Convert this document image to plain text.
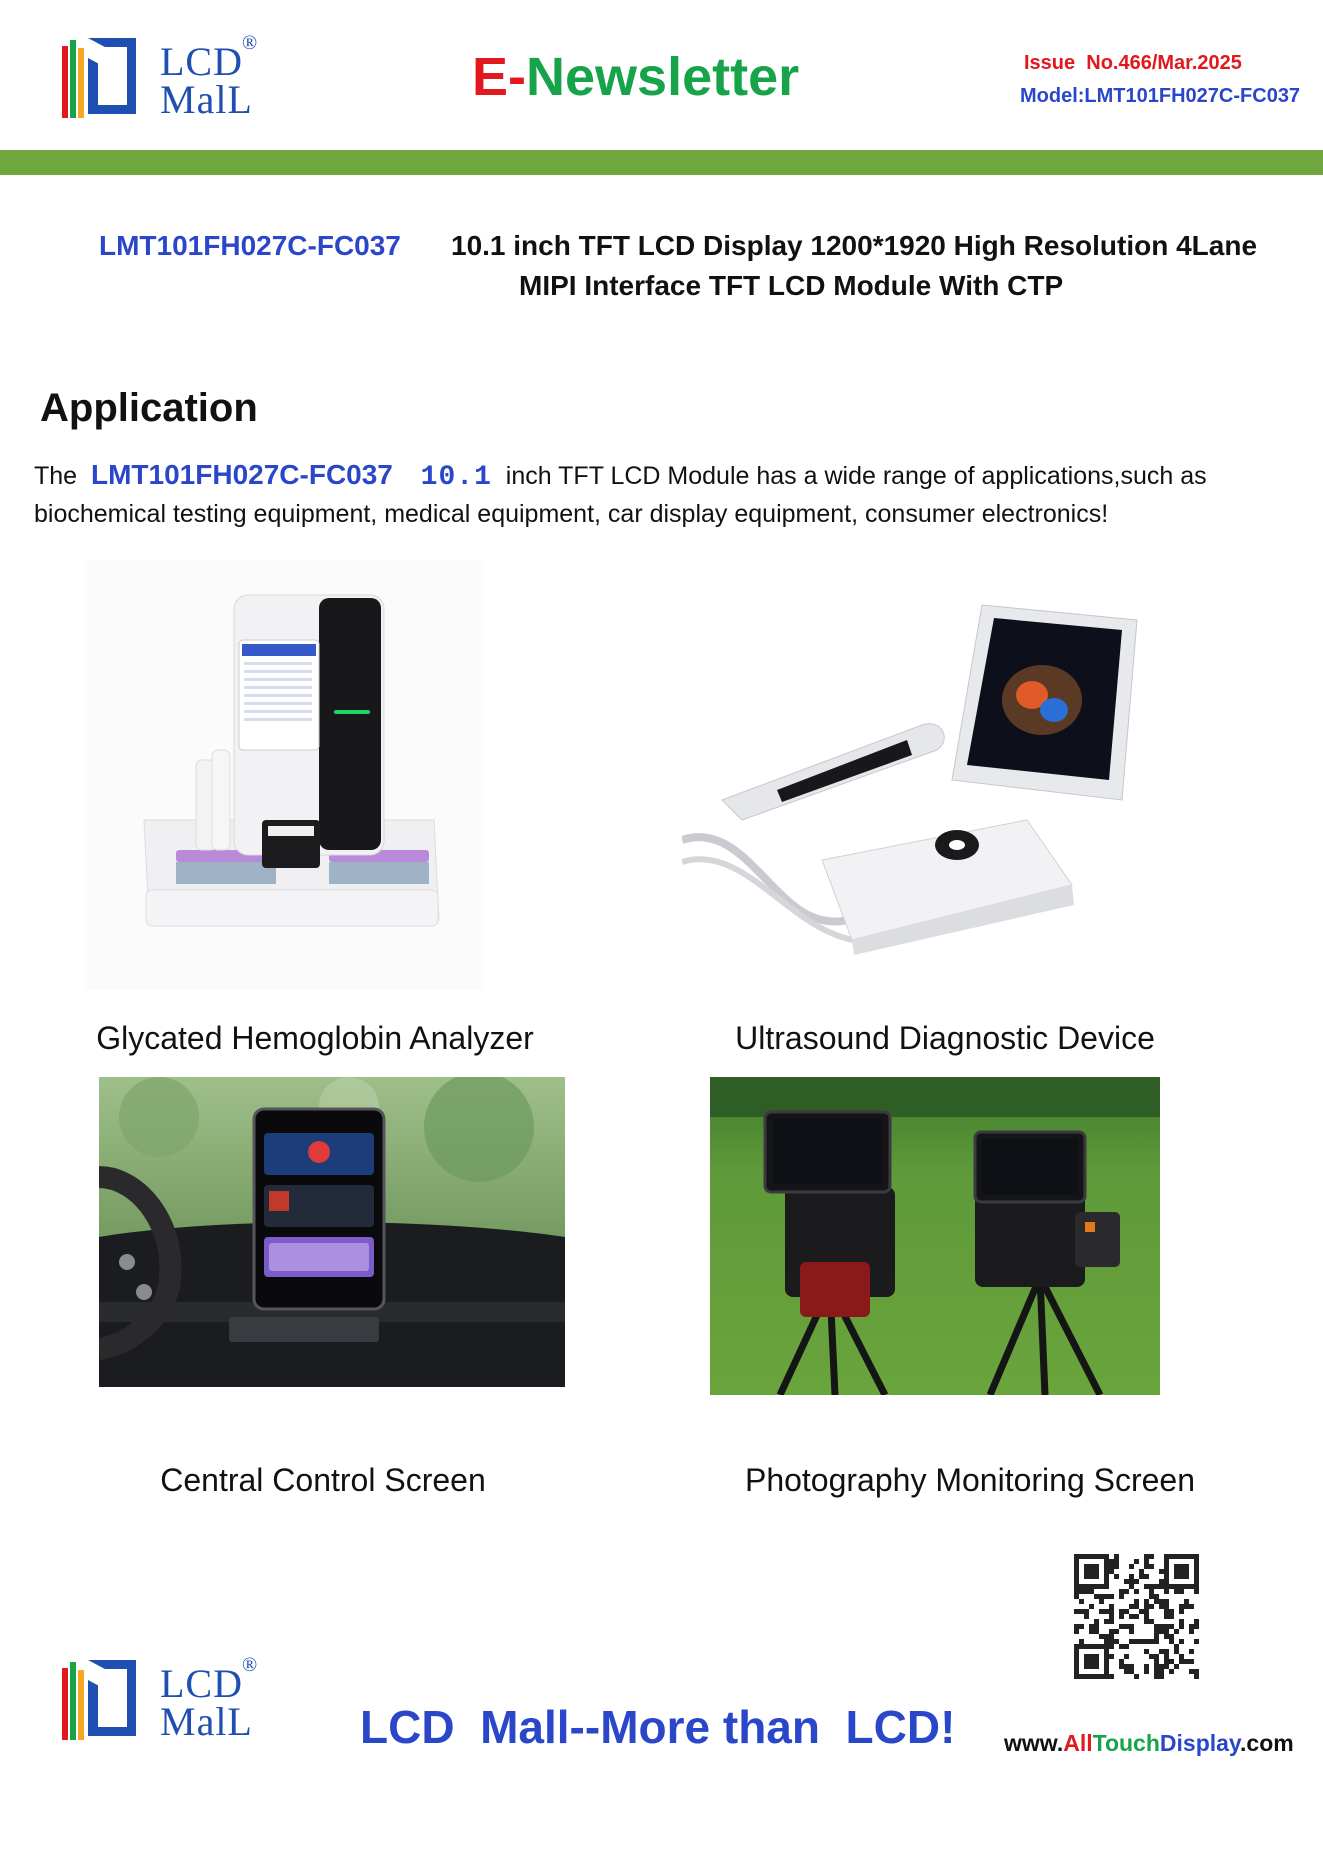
LCD
MalL
®
E-Newsletter	Issue  No.466/Mar.2025
Model:LMT101FH027C-FC037
LMT101FH027C-FC037 10.1 inch TFT LCD Display 1200*1920 High Resolution 4Lane
MIPI Interface TFT LCD Module With CTP
Application
The LMT101FH027C-FC037 10.1 inch TFT LCD Module has a wide range of applications,such as
biochemical testing equipment, medical equipment, car display equipment, consumer electronics!
Glycated Hemoglobin Analyzer	Ultrasound Diagnostic Device
Central Control Screen	Photography Monitoring Screen
LCD
MalL
®
LCD  Mall--More than  LCD! www.AllTouchDisplay.com
